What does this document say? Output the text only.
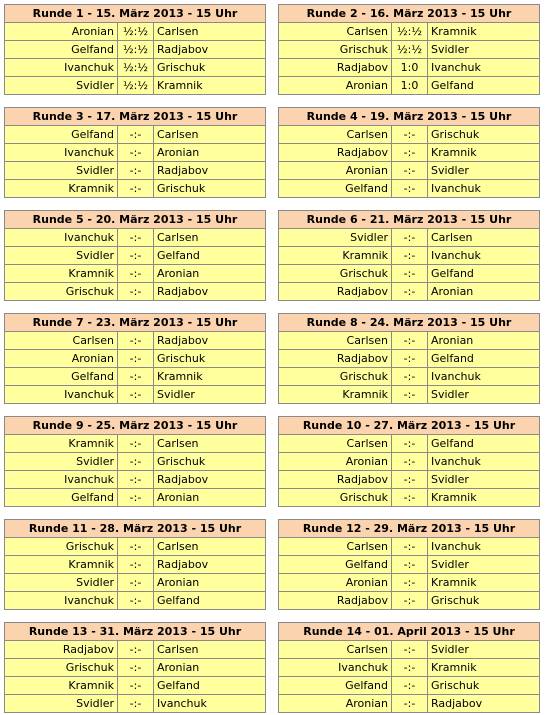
Runde 1 - 15. März 2013 - 15 Uhr
Aronian ½:½ Carlsen
Gelfand ½:½ Radjabov
Ivanchuk ½:½ Grischuk
Svidler ½:½ Kramnik
Runde 2 - 16. März 2013 - 15 Uhr
Carlsen ½:½ Kramnik
Grischuk ½:½ Svidler
Radjabov	1:0	Ivanchuk
Aronian	1:0	Gelfand
Runde 3 - 17. März 2013 - 15 Uhr
Gelfand	-:-	Carlsen
Ivanchuk	-:-	Aronian
Svidler	-:-	Radjabov
Kramnik	-:-	Grischuk
Runde 4 - 19. März 2013 - 15 Uhr
Carlsen	-:-	Grischuk
Radjabov	-:-	Kramnik
Aronian	-:-	Svidler
Gelfand	-:-	Ivanchuk
Runde 5 - 20. März 2013 - 15 Uhr
Ivanchuk	-:-	Carlsen
Svidler	-:-	Gelfand
Kramnik	-:-	Aronian
Grischuk	-:-	Radjabov
Runde 6 - 21. März 2013 - 15 Uhr
Svidler	-:-	Carlsen
Kramnik	-:-	Ivanchuk
Grischuk	-:-	Gelfand
Radjabov	-:-	Aronian
Runde 7 - 23. März 2013 - 15 Uhr
Carlsen	-:-	Radjabov
Aronian	-:-	Grischuk
Gelfand	-:-	Kramnik
Ivanchuk	-:-	Svidler
Runde 8 - 24. März 2013 - 15 Uhr
Carlsen	-:-	Aronian
Radjabov	-:-	Gelfand
Grischuk	-:-	Ivanchuk
Kramnik	-:-	Svidler
Runde 9 - 25. März 2013 - 15 Uhr
Kramnik	-:-	Carlsen
Svidler	-:-	Grischuk
Ivanchuk	-:-	Radjabov
Gelfand	-:-	Aronian
Runde 10 - 27. März 2013 - 15 Uhr
Carlsen	-:-	Gelfand
Aronian	-:-	Ivanchuk
Radjabov	-:-	Svidler
Grischuk	-:-	Kramnik
Runde 11 - 28. März 2013 - 15 Uhr
Grischuk	-:-	Carlsen
Kramnik	-:-	Radjabov
Svidler	-:-	Aronian
Ivanchuk	-:-	Gelfand
Runde 12 - 29. März 2013 - 15 Uhr
Carlsen	-:-	Ivanchuk
Gelfand	-:-	Svidler
Aronian	-:-	Kramnik
Radjabov	-:-	Grischuk
Runde 13 - 31. März 2013 - 15 Uhr
Radjabov	-:-	Carlsen
Grischuk	-:-	Aronian
Kramnik	-:-	Gelfand
Svidler	-:-	Ivanchuk
Runde 14 - 01. April 2013 - 15 Uhr
Carlsen	-:-	Svidler
Ivanchuk	-:-	Kramnik
Gelfand	-:-	Grischuk
Aronian	-:-	Radjabov
